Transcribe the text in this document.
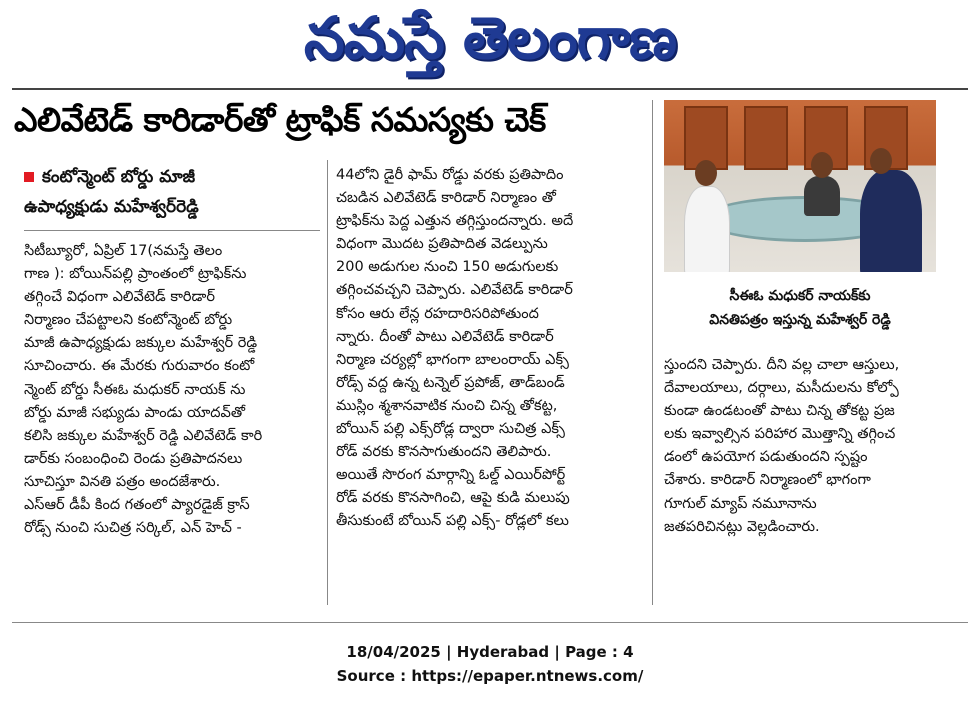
నమస్తే తెలంగాణ
ఎలివేటెడ్ కారిడార్‌తో ట్రాఫిక్ సమస్యకు చెక్
కంటోన్మెంట్ బోర్డు మాజీ
ఉపాధ్యక్షుడు మహేశ్వర్‌రెడ్డి
సిటీబ్యూరో, ఏప్రిల్ 17(నమస్తే తెలం
గాణ ): బోయిన్‌పల్లి ప్రాంతంలో ట్రాఫిక్‌ను
తగ్గించే విధంగా ఎలివేటెడ్ కారిడార్
నిర్మాణం చేపట్టాలని కంటోన్మెంట్ బోర్డు
మాజీ ఉపాధ్యక్షుడు జక్కుల మహేశ్వర్ రెడ్డి
సూచించారు. ఈ మేరకు గురువారం కంటో
న్మెంట్ బోర్డు సీఈఓ మధుకర్ నాయక్ ను
బోర్డు మాజీ సభ్యుడు పాండు యాదవ్‌తో
కలిసి జక్కుల మహేశ్వర్ రెడ్డి ఎలివేటెడ్ కారి
డార్‌కు సంబంధించి రెండు ప్రతిపాదనలు
సూచిస్తూ వినతి పత్రం అందజేశారు.
ఎస్ఆర్ డీపీ కింద గతంలో ప్యారడైజ్ క్రాస్
రోడ్స్ నుంచి సుచిత్ర సర్కిల్, ఎన్ హెచ్ -
44లోని డైరీ ఫామ్ రోడ్డు వరకు ప్రతిపాదిం
చబడిన ఎలివేటెడ్ కారిడార్ నిర్మాణం తో
ట్రాఫిక్‌ను పెద్ద ఎత్తున తగ్గిస్తుందన్నారు. అదే
విధంగా మొదట ప్రతిపాదిత వెడల్పును
200 అడుగుల నుంచి 150 అడుగులకు
తగ్గించవచ్చని చెప్పారు. ఎలివేటెడ్ కారిడార్
కోసం ఆరు లేన్ల రహదారిసరిపోతుంద
న్నారు. దీంతో పాటు ఎలివేటెడ్ కారిడార్
నిర్మాణ చర్యల్లో భాగంగా బాలంరాయ్ ఎక్స్
రోడ్స్ వద్ద ఉన్న టన్నెల్ ప్రపోజ్, తాడ్‌బండ్
ముస్లిం శ్మశానవాటిక నుంచి చిన్న తోకట్ట,
బోయిన్ పల్లి ఎక్స్‌రోడ్ల ద్వారా సుచిత్ర ఎక్స్
రోడ్ వరకు కొనసాగుతుందని తెలిపారు.
అయితే సొరంగ మార్గాన్ని ఓల్డ్ ఎయిర్‌పోర్ట్
రోడ్ వరకు కొనసాగించి, ఆపై కుడి మలుపు
తీసుకుంటే బోయిన్ పల్లి ఎక్స్- రోడ్లలో కలు
సీఈఓ మధుకర్ నాయక్‌కు
వినతిపత్రం ఇస్తున్న మహేశ్వర్ రెడ్డి
స్తుందని చెప్పారు. దీని వల్ల చాలా ఆస్తులు,
దేవాలయాలు, దర్గాలు, మసీదులను కోల్పో
కుండా ఉండటంతో పాటు చిన్న తోకట్ట ప్రజ
లకు ఇవ్వాల్సిన పరిహార మొత్తాన్ని తగ్గించ
డంలో ఉపయోగ పడుతుందని స్పష్టం
చేశారు. కారిడార్ నిర్మాణంలో భాగంగా
గూగుల్ మ్యాప్ నమూనాను
జతపరిచినట్లు వెల్లడించారు.
18/04/2025 | Hyderabad | Page : 4
Source : https://epaper.ntnews.com/
